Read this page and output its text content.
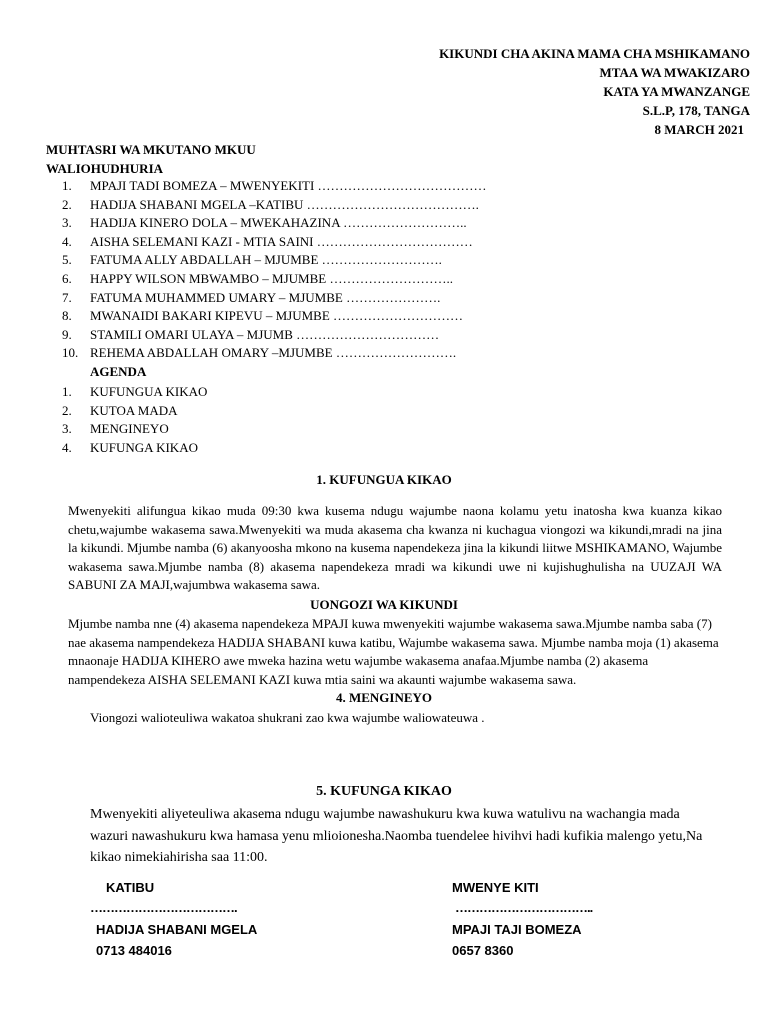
KIKUNDI CHA AKINA MAMA CHA MSHIKAMANO
MTAA WA MWAKIZARO
KATA YA MWANZANGE
S.L.P, 178, TANGA
8 MARCH 2021
MUHTASRI WA MKUTANO MKUU
WALIOHUDHURIA
1.	MPAJI TADI BOMEZA – MWENYEKITI …………………………………
2.	HADIJA SHABANI MGELA –KATIBU ………………………………….
3.	HADIJA KINERO DOLA – MWEKAHAZINA ………………………..
4.	AISHA SELEMANI KAZI - MTIA SAINI ………………………………
5.	FATUMA ALLY ABDALLAH – MJUMBE ……………………….
6.	HAPPY WILSON MBWAMBO – MJUMBE ………………………..
7.	FATUMA MUHAMMED UMARY – MJUMBE ………………….
8.	MWANAIDI BAKARI KIPEVU – MJUMBE …………………………
9.	STAMILI OMARI ULAYA – MJUMB ……………………………
10. REHEMA ABDALLAH OMARY –MJUMBE ……………………….
AGENDA
1.	KUFUNGUA KIKAO
2.	KUTOA MADA
3.	MENGINEYO
4.	KUFUNGA KIKAO
1. KUFUNGUA KIKAO
Mwenyekiti alifungua kikao muda 09:30 kwa kusema ndugu wajumbe naona kolamu yetu inatosha kwa kuanza kikao chetu,wajumbe wakasema sawa.Mwenyekiti wa muda akasema cha kwanza ni kuchagua viongozi wa kikundi,mradi na jina la kikundi. Mjumbe namba (6) akanyoosha mkono na kusema napendekeza jina la kikundi liitwe MSHIKAMANO, Wajumbe wakasema sawa.Mjumbe namba (8) akasema napendekeza mradi wa kikundi uwe ni kujishughulisha na UUZAJI WA SABUNI ZA MAJI,wajumbwa wakasema sawa.
UONGOZI WA KIKUNDI
Mjumbe namba nne (4) akasema napendekeza MPAJI kuwa mwenyekiti wajumbe wakasema sawa.Mjumbe namba saba (7) nae akasema nampendekeza HADIJA SHABANI kuwa katibu, Wajumbe wakasema sawa. Mjumbe namba moja (1) akasema mnaonaje HADIJA KIHERO awe mweka hazina wetu wajumbe wakasema anafaa.Mjumbe namba (2) akasema nampendekeza AISHA SELEMANI KAZI kuwa mtia saini wa akaunti wajumbe wakasema sawa.
4. MENGINEYO
Viongozi walioteuliwa wakatoa shukrani zao kwa wajumbe waliowateuwa .
5. KUFUNGA KIKAO
Mwenyekiti aliyeteuliwa akasema ndugu wajumbe nawashukuru kwa kuwa watulivu na wachangia mada wazuri nawashukuru kwa hamasa yenu mlioionesha.Naomba tuendelee hivihvi hadi kufikia malengo yetu,Na kikao nimekiahirisha saa 11:00.
KATIBU
……………………………….
HADIJA SHABANI MGELA
0713 484016
MWENYE KITI
……………………………..
MPAJI TAJI BOMEZA
0657 8360
